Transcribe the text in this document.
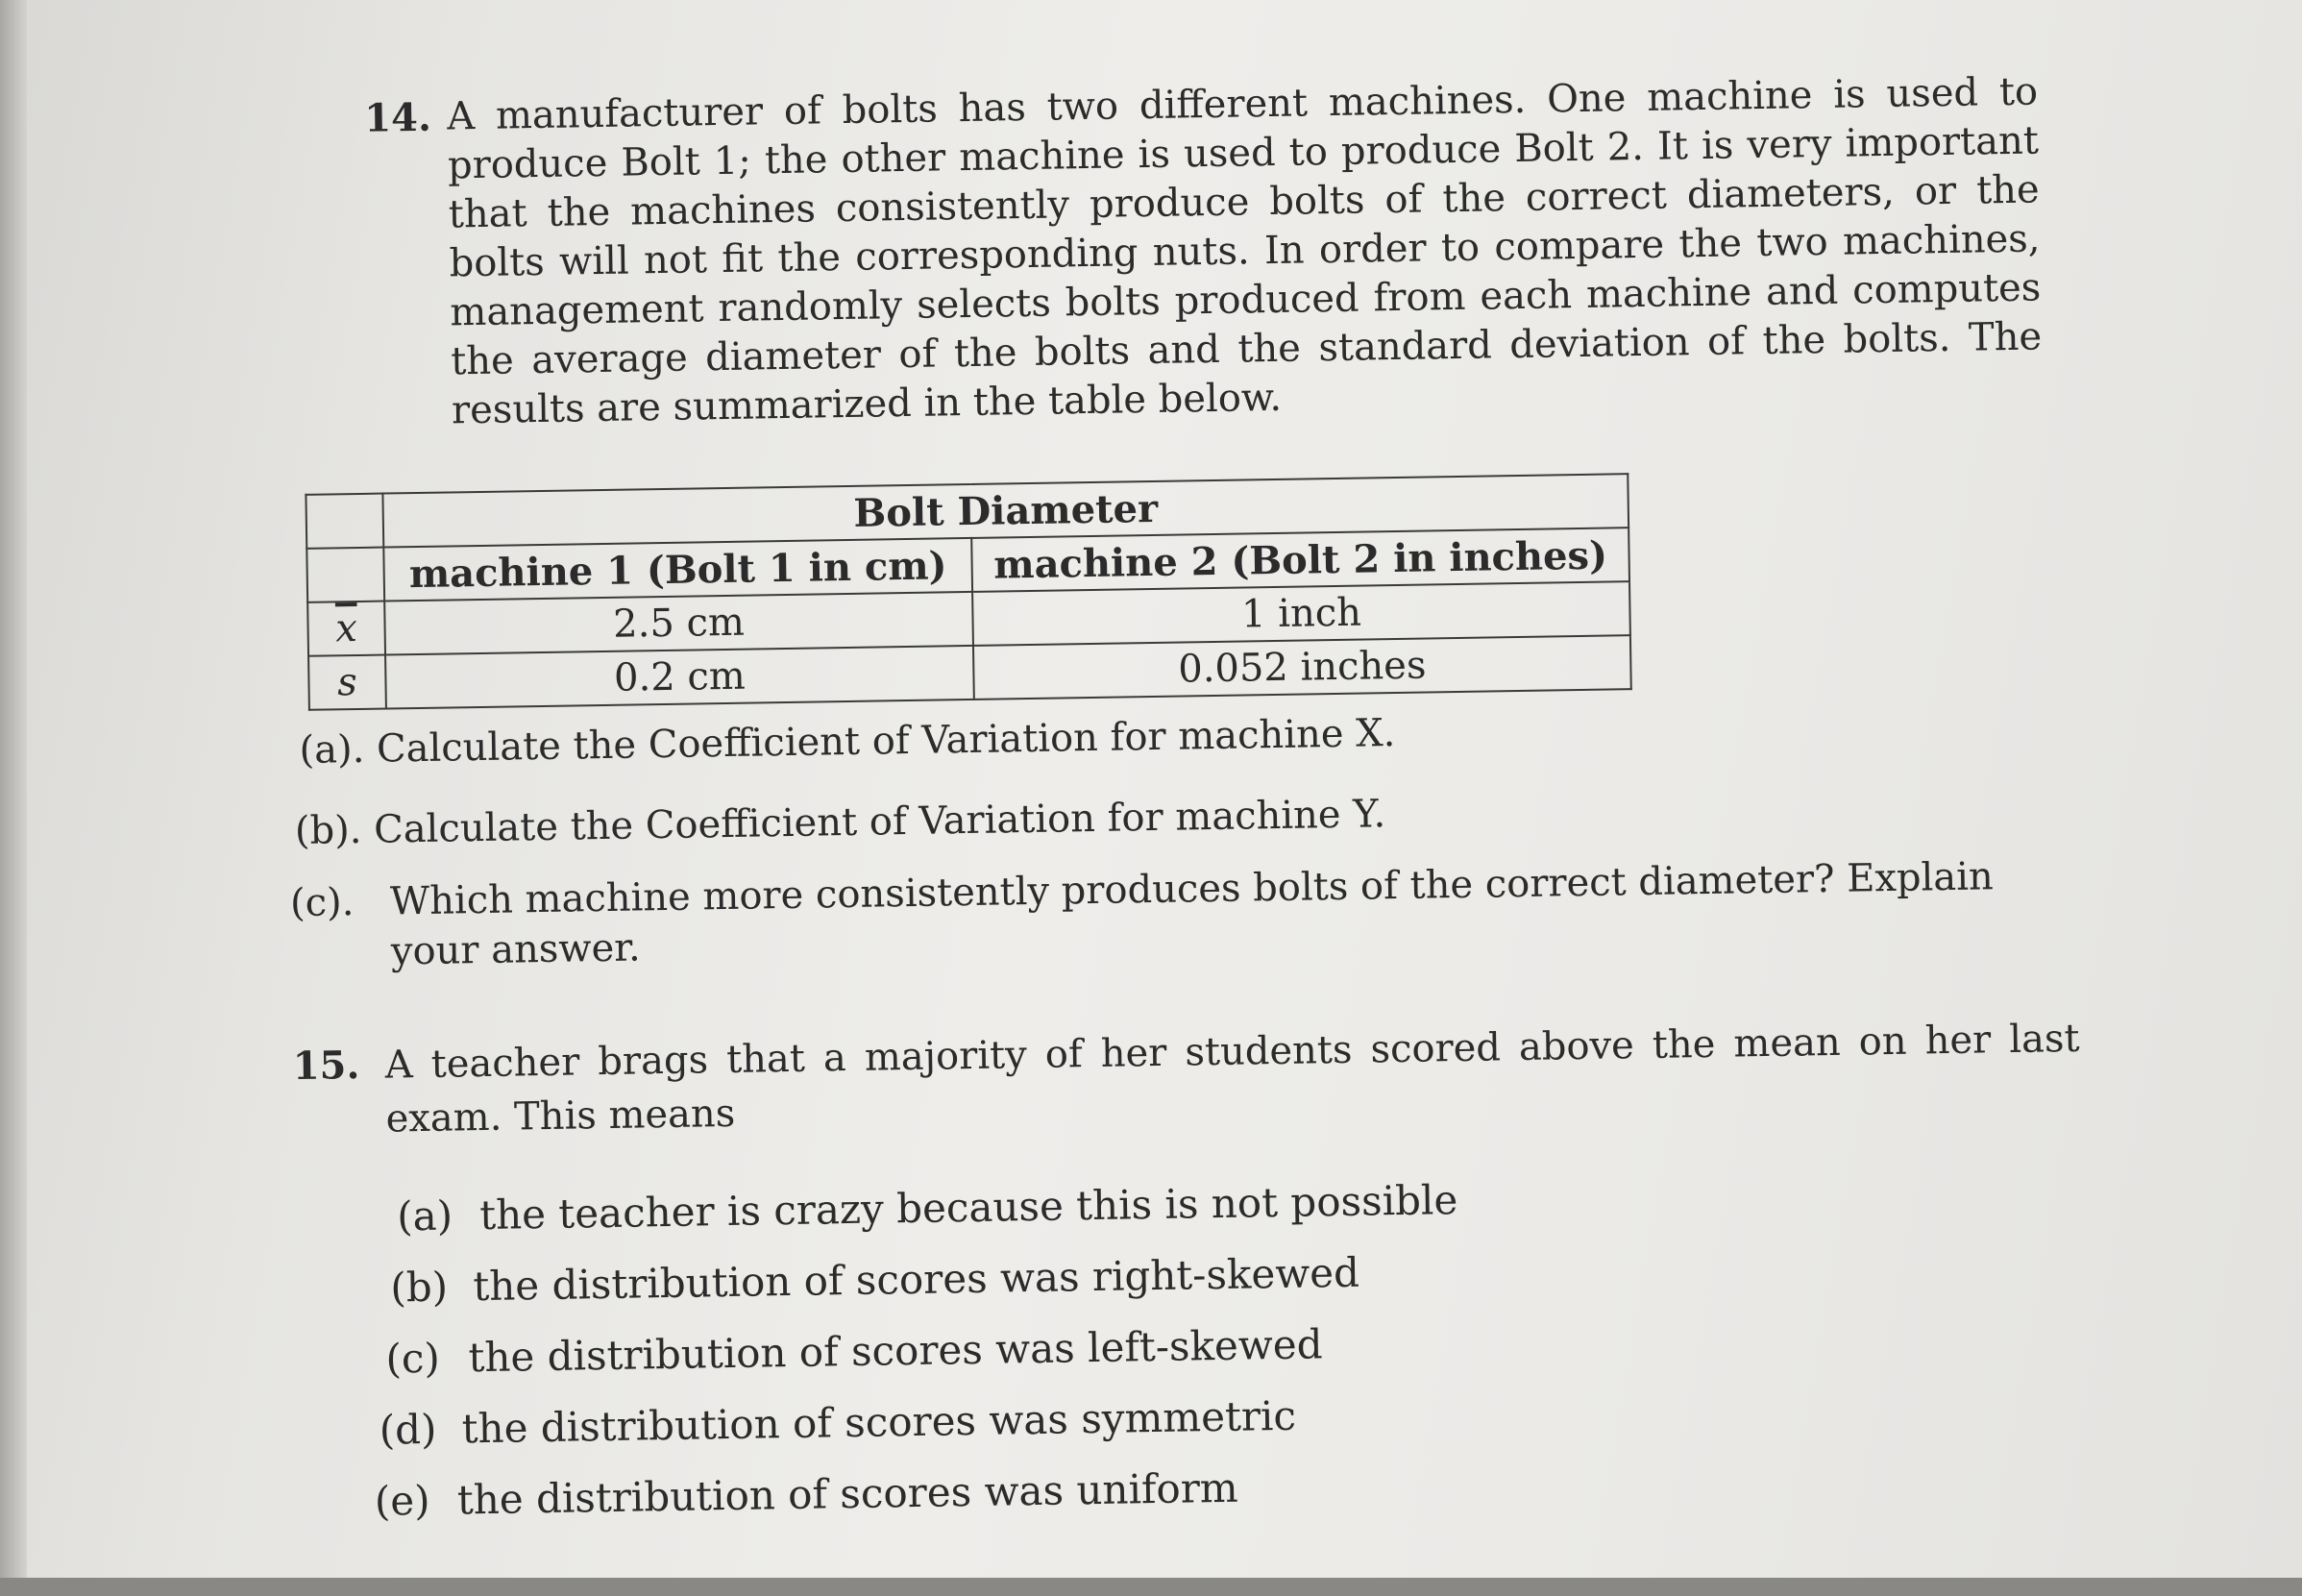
14. A manufacturer of bolts has two different machines. One machine is used to produce Bolt 1; the other machine is used to produce Bolt 2. It is very important that the machines consistently produce bolts of the correct diameters, or the bolts will not fit the corresponding nuts. In order to compare the two machines, management randomly selects bolts produced from each machine and computes the average diameter of the bolts and the standard deviation of the bolts. The results are summarized in the table below.
	Bolt Diameter	
	machine 1 (Bolt 1 in cm)	machine 2 (Bolt 2 in inches)
$\overline{x}$	2.5 cm	1 inch
s	0.2 cm	0.052 inches
(a). Calculate the Coefficient of Variation for machine X.
(b). Calculate the Coefficient of Variation for machine Y.
(c). Which machine more consistently produces bolts of the correct diameter? Explain your answer.
15. A teacher brags that a majority of her students scored above the mean on her last exam. This means
(a) the teacher is crazy because this is not possible
(b) the distribution of scores was right-skewed
(c) the distribution of scores was left-skewed
(d) the distribution of scores was symmetric
(e) the distribution of scores was uniform
